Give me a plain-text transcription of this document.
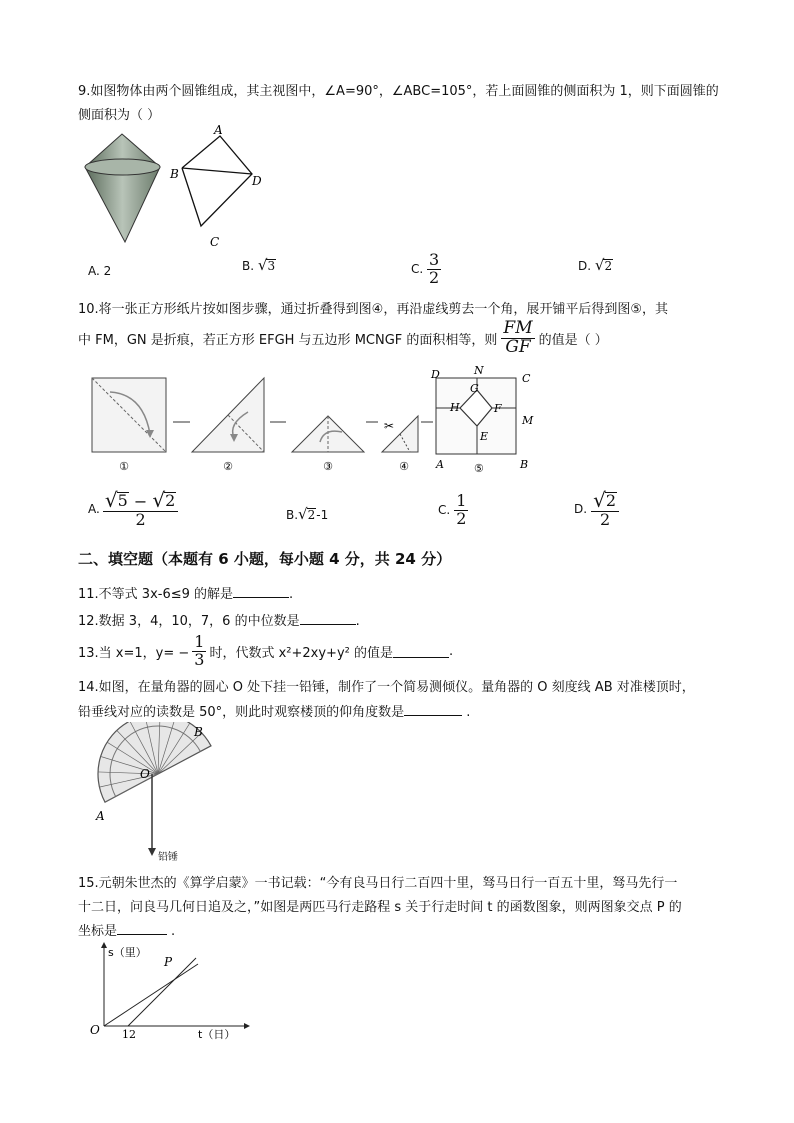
9.如图物体由两个圆锥组成，其主视图中，∠A=90°，∠ABC=105°，若上面圆锥的侧面积为 1，则下面圆锥的
侧面积为（ ）
A
B	D
C
A. 2	B. √ 3	C. $\frac{3}{2}$	D. √ 2
10.将一张正方形纸片按如图步骤，通过折叠得到图④，再沿虚线剪去一个角，展开铺平后得到图⑤，其
中 FM，GN 是折痕，若正方形 EFGH 与五边形 MCNGF 的面积相等，则 $\frac{FM}{GF}$ 的值是（ ）
①	②	③
✂
④
D	N
C
G
H	F
M
E
A	⑤	B
A. $\frac{√ 5 - √ 2}{2}$	B. √ 2 -1	C. $\frac{1}{2}$	D. $\frac{√ 2}{2}$
二、填空题（本题有 6 小题，每小题 4 分，共 24 分）
11.不等式 3x-6≤9 的解是	.
12.数据 3，4，10，7，6 的中位数是	.
13.当 x=1，$y= - \frac{1}{3}$ 时，代数式 x²+2xy+y² 的值是	.
14.如图，在量角器的圆心 O 处下挂一铅锤，制作了一个简易测倾仪。量角器的 O 刻度线 AB 对准楼顶时，
铅垂线对应的读数是 50°，则此时观察楼顶的仰角度数是	.
铅锤
O
A
B
15.元朝朱世杰的《算学启蒙》一书记载：“今有良马日行二百四十里，驽马日行一百五十里，驽马先行一
十二日，问良马几何日追及之，”如图是两匹马行走路程 s 关于行走时间 t 的函数图象，则两图象交点 P 的
坐标是	.
s（里）
t（日）
O 12
P
